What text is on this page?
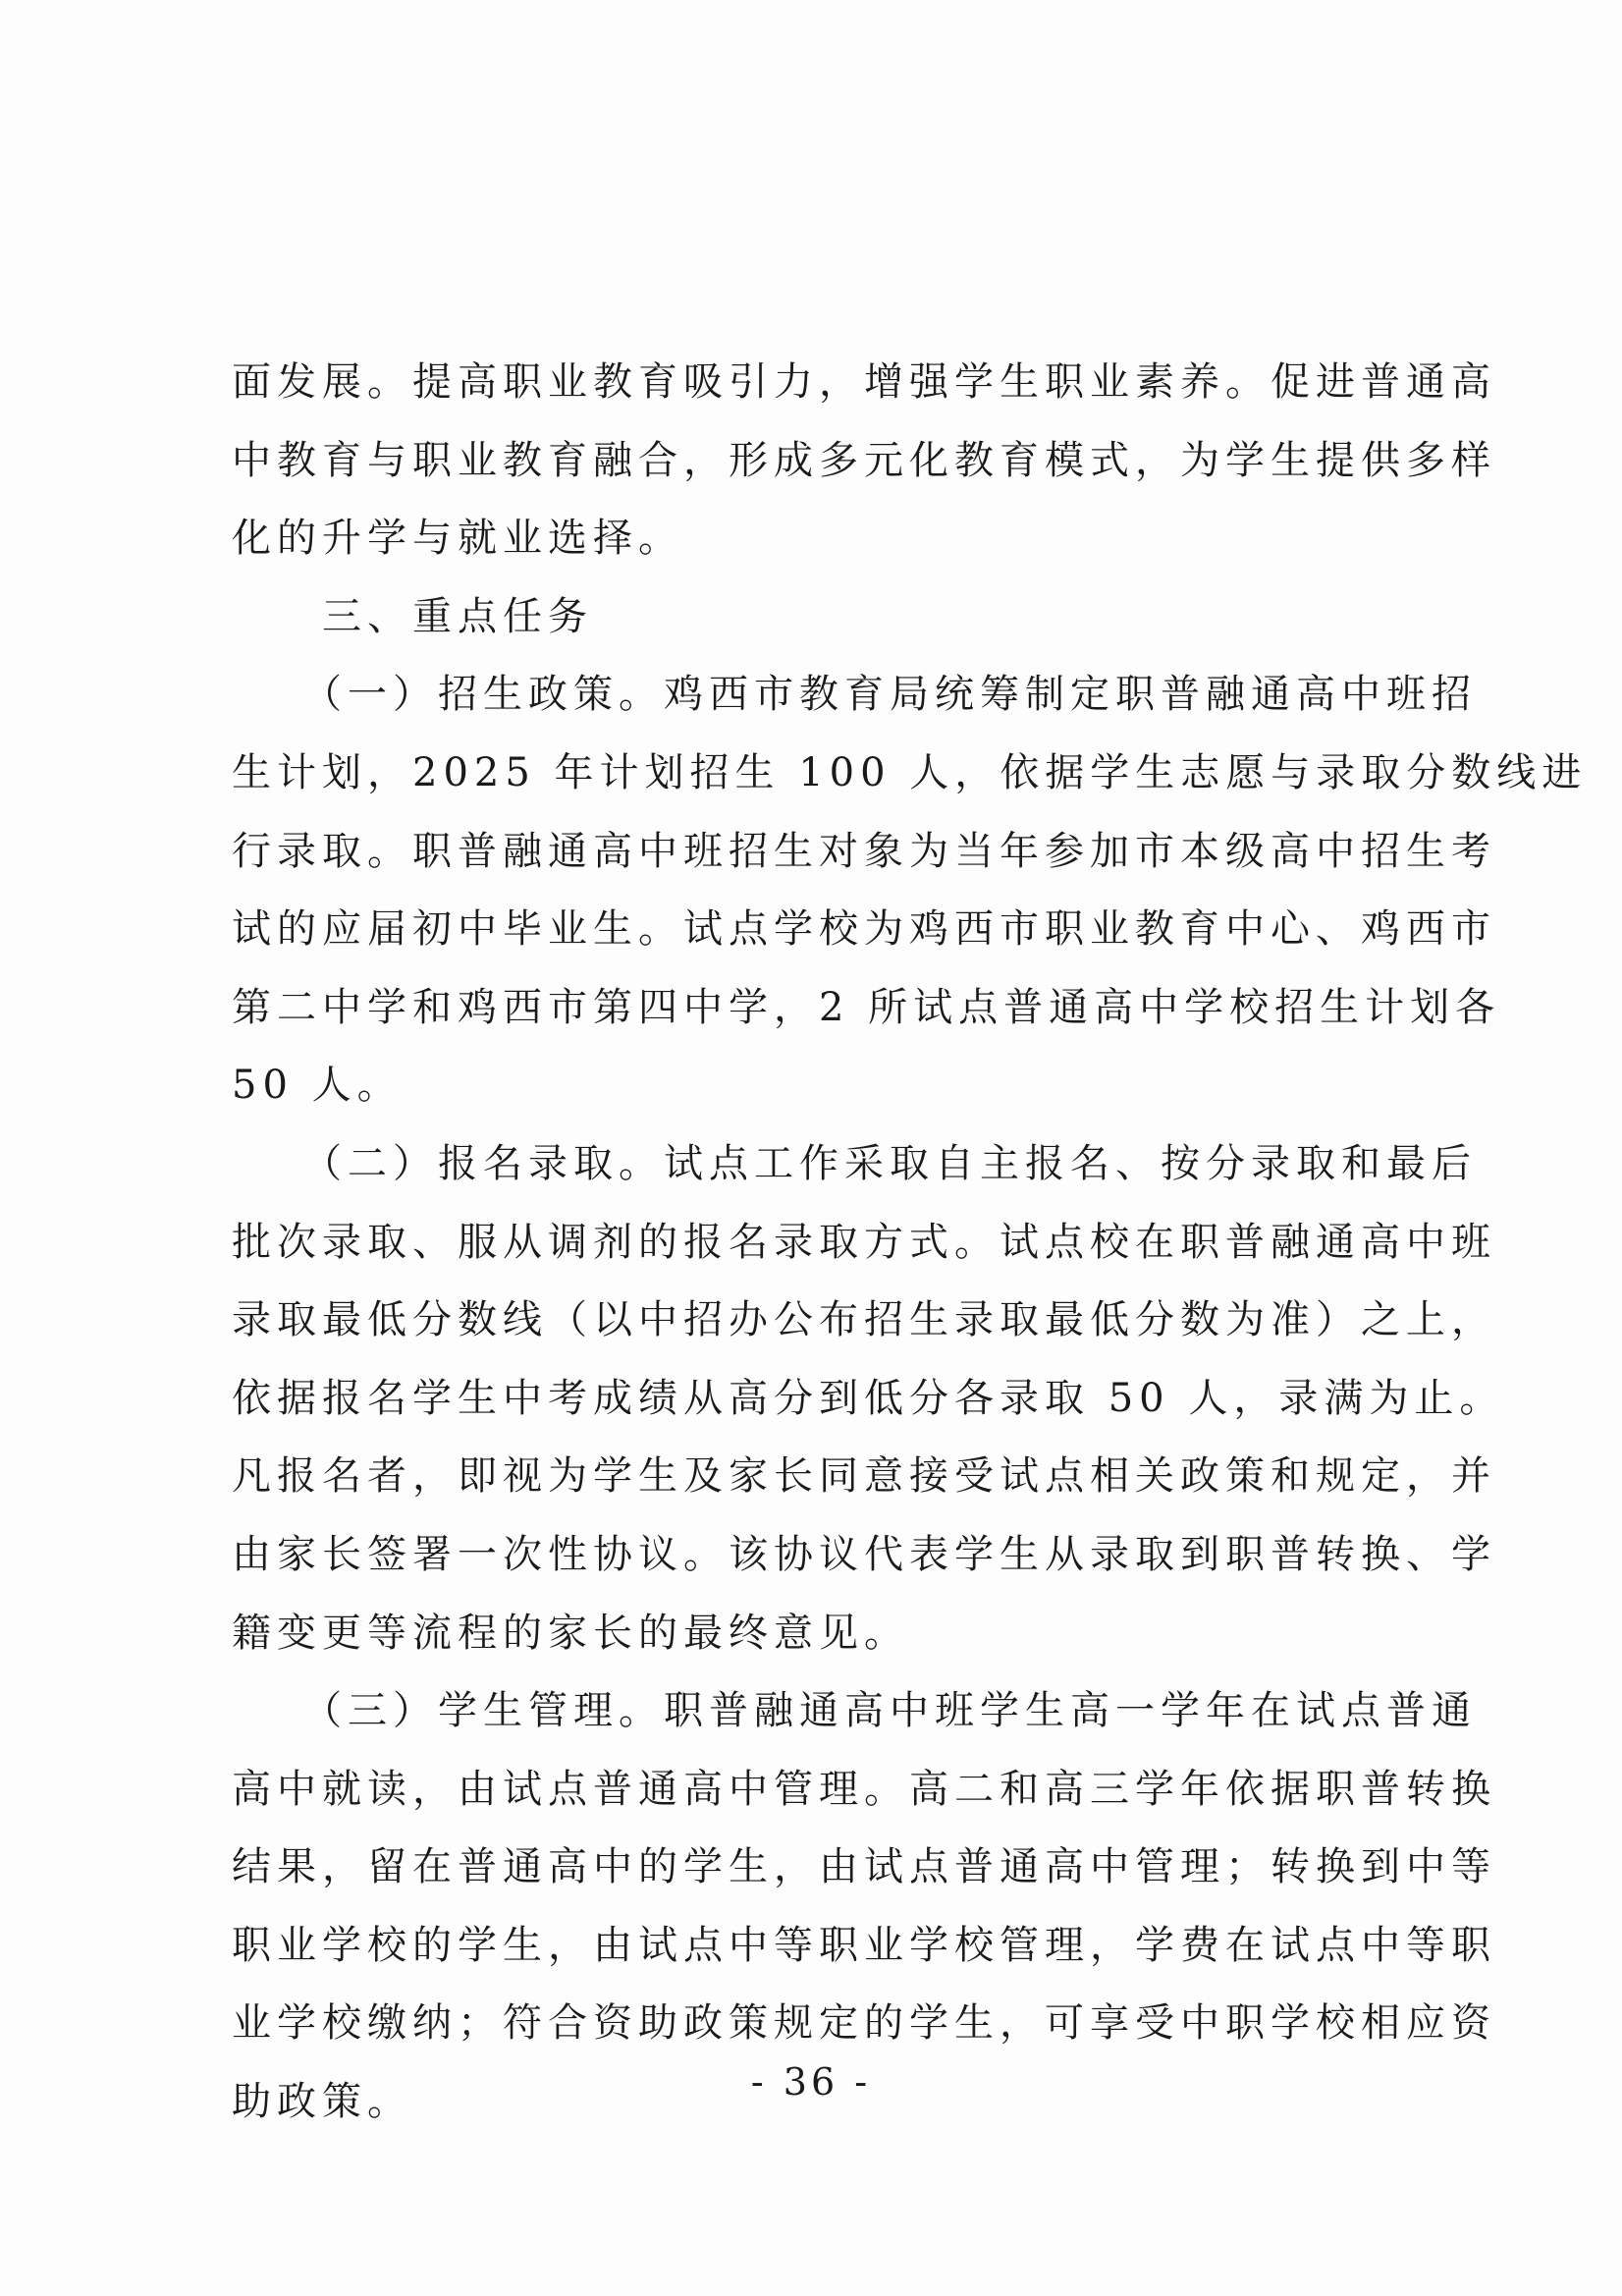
面发展。提高职业教育吸引力，增强学生职业素养。促进普通高
中教育与职业教育融合，形成多元化教育模式，为学生提供多样
化的升学与就业选择。
　　三、重点任务
　　（一）招生政策。鸡西市教育局统筹制定职普融通高中班招
生计划，2025 年计划招生 100 人，依据学生志愿与录取分数线进
行录取。职普融通高中班招生对象为当年参加市本级高中招生考
试的应届初中毕业生。试点学校为鸡西市职业教育中心、鸡西市
第二中学和鸡西市第四中学，2 所试点普通高中学校招生计划各
50 人。
　　（二）报名录取。试点工作采取自主报名、按分录取和最后
批次录取、服从调剂的报名录取方式。试点校在职普融通高中班
录取最低分数线（以中招办公布招生录取最低分数为准）之上，
依据报名学生中考成绩从高分到低分各录取 50 人，录满为止。
凡报名者，即视为学生及家长同意接受试点相关政策和规定，并
由家长签署一次性协议。该协议代表学生从录取到职普转换、学
籍变更等流程的家长的最终意见。
　　（三）学生管理。职普融通高中班学生高一学年在试点普通
高中就读，由试点普通高中管理。高二和高三学年依据职普转换
结果，留在普通高中的学生，由试点普通高中管理；转换到中等
职业学校的学生，由试点中等职业学校管理，学费在试点中等职
业学校缴纳；符合资助政策规定的学生，可享受中职学校相应资
助政策。	- 36 -
